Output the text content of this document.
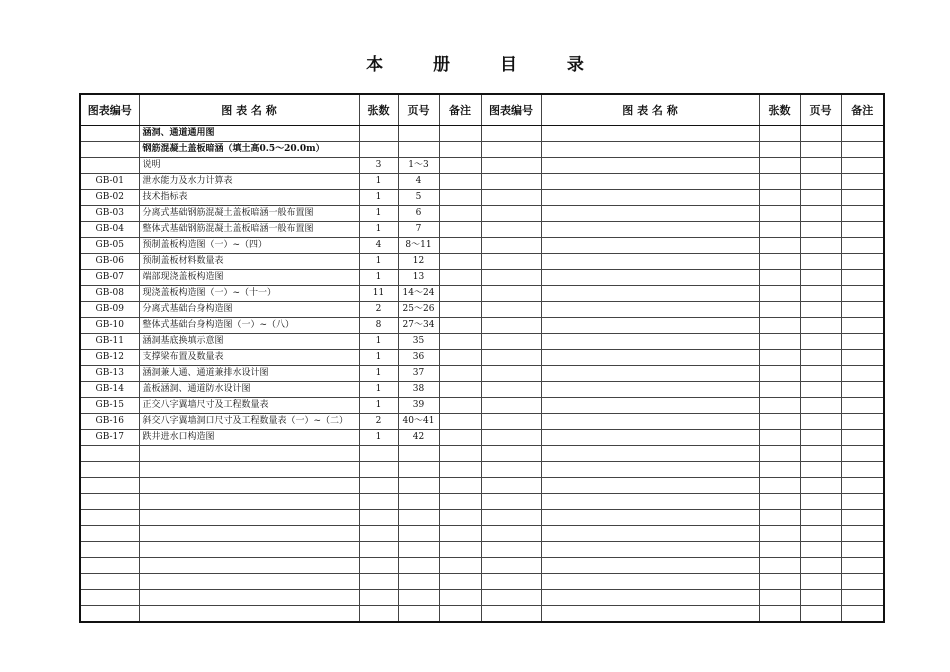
本 册 目 录
图表编号	图 表 名 称	张数	页号	备注	图表编号	图 表 名 称	张数	页号	备注
	涵洞、通道通用图								
	钢筋混凝土盖板暗涵（填土高0.5～20.0m）								
	说明	3	1～3						
GB-01	泄水能力及水力计算表	1	4						
GB-02	技术指标表	1	5						
GB-03	分离式基础钢筋混凝土盖板暗涵一般布置图	1	6						
GB-04	整体式基础钢筋混凝土盖板暗涵一般布置图	1	7						
GB-05	预制盖板构造图（一）~（四）	4	8～11						
GB-06	预制盖板材料数量表	1	12						
GB-07	端部现浇盖板构造图	1	13						
GB-08	现浇盖板构造图（一）~（十一）	11	14～24						
GB-09	分离式基础台身构造图	2	25～26						
GB-10	整体式基础台身构造图（一）~（八）	8	27～34						
GB-11	涵洞基底换填示意图	1	35						
GB-12	支撑梁布置及数量表	1	36						
GB-13	涵洞兼人通、通道兼排水设计图	1	37						
GB-14	盖板涵洞、通道防水设计图	1	38						
GB-15	正交八字翼墙尺寸及工程数量表	1	39						
GB-16	斜交八字翼墙洞口尺寸及工程数量表（一）~（二）	2	40～41						
GB-17	跌井进水口构造图	1	42						
